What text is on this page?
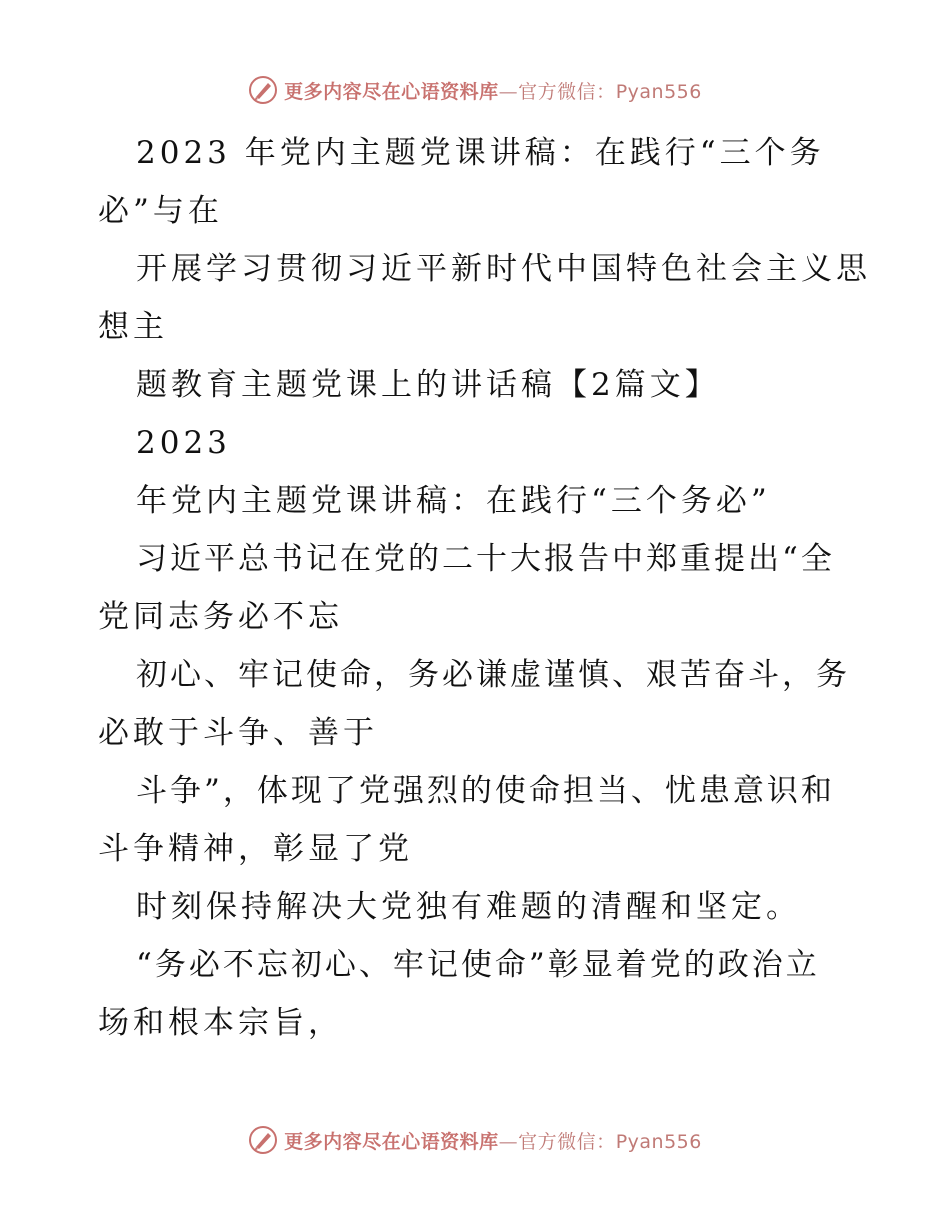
更多内容尽在心语资料库—官方微信：Pyan556
2023 年党内主题党课讲稿：在践行“三个务
必”与在
开展学习贯彻习近平新时代中国特色社会主义思
想主
题教育主题党课上的讲话稿【2篇文】
2023
年党内主题党课讲稿：在践行“三个务必”
习近平总书记在党的二十大报告中郑重提出“全
党同志务必不忘
初心、牢记使命，务必谦虚谨慎、艰苦奋斗，务
必敢于斗争、善于
斗争”，体现了党强烈的使命担当、忧患意识和
斗争精神，彰显了党
时刻保持解决大党独有难题的清醒和坚定。
“务必不忘初心、牢记使命”彰显着党的政治立
场和根本宗旨，
更多内容尽在心语资料库—官方微信：Pyan556
